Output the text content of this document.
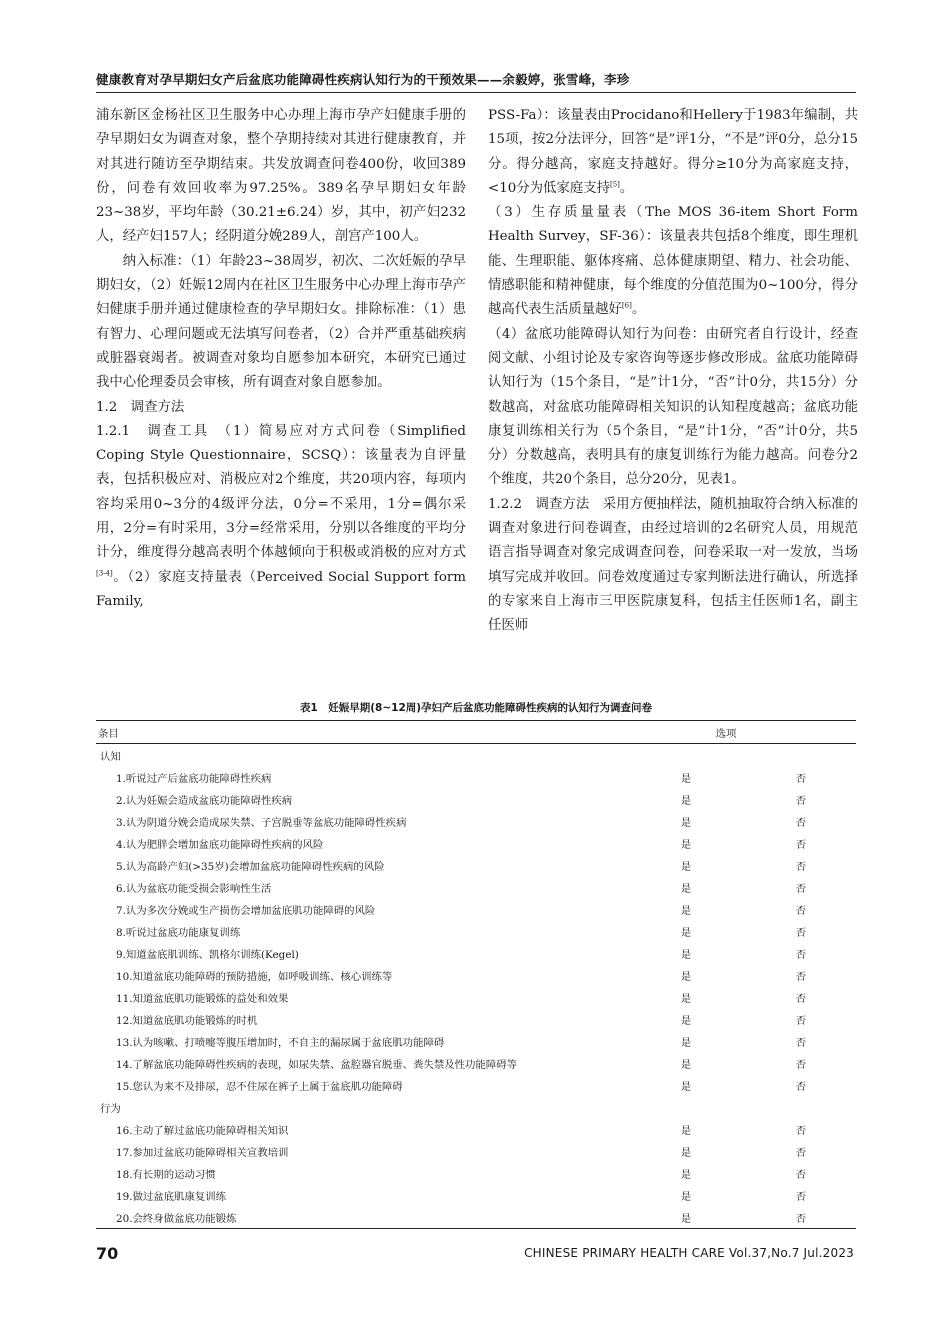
健康教育对孕早期妇女产后盆底功能障碍性疾病认知行为的干预效果——余毅婷，张雪峰，李珍

浦东新区金杨社区卫生服务中心办理上海市孕产妇健康手册的孕早期妇女为调查对象，整个孕期持续对其进行健康教育，并对其进行随访至孕期结束。共发放调查问卷400份，收回389份，问卷有效回收率为97.25%。389名孕早期妇女年龄23~38岁，平均年龄（30.21±6.24）岁，其中，初产妇232人，经产妇157人；经阴道分娩289人，剖宫产100人。

纳入标准：（1）年龄23~38周岁，初次、二次妊娠的孕早期妇女，（2）妊娠12周内在社区卫生服务中心办理上海市孕产妇健康手册并通过健康检查的孕早期妇女。排除标准：（1）患有智力、心理问题或无法填写问卷者，（2）合并严重基础疾病或脏器衰竭者。被调查对象均自愿参加本研究，本研究已通过我中心伦理委员会审核，所有调查对象自愿参加。

1.2　调查方法

1.2.1　调查工具　（1）简易应对方式问卷（Simplified Coping Style Questionnaire，SCSQ）：该量表为自评量表，包括积极应对、消极应对2个维度，共20项内容，每项内容均采用0~3分的4级评分法，0分=不采用，1分=偶尔采用，2分=有时采用，3分=经常采用，分别以各维度的平均分计分，维度得分越高表明个体越倾向于积极或消极的应对方式[3-4]。（2）家庭支持量表（Perceived Social Support form Family,

PSS-Fa）：该量表由Procidano和Hellery于1983年编制，共15项，按2分法评分，回答“是”评1分，“不是”评0分，总分15分。得分越高，家庭支持越好。得分≥10分为高家庭支持，<10分为低家庭支持[5]。

（3）生存质量量表（The MOS 36-item Short Form Health Survey，SF-36）：该量表共包括8个维度，即生理机能、生理职能、躯体疼痛、总体健康期望、精力、社会功能、情感职能和精神健康，每个维度的分值范围为0~100分，得分越高代表生活质量越好[6]。

（4）盆底功能障碍认知行为问卷：由研究者自行设计，经查阅文献、小组讨论及专家咨询等逐步修改形成。盆底功能障碍认知行为（15个条目，“是”计1分，“否”计0分，共15分）分数越高，对盆底功能障碍相关知识的认知程度越高；盆底功能康复训练相关行为（5个条目，“是”计1分，“否”计0分，共5分）分数越高，表明具有的康复训练行为能力越高。问卷分2个维度，共20个条目，总分20分，见表1。

1.2.2　调查方法　采用方便抽样法，随机抽取符合纳入标准的调查对象进行问卷调查，由经过培训的2名研究人员，用规范语言指导调查对象完成调查问卷，问卷采取一对一发放，当场填写完成并收回。问卷效度通过专家判断法进行确认，所选择的专家来自上海市三甲医院康复科，包括主任医师1名，副主任医师

表1　妊娠早期(8~12周)孕妇产后盆底功能障碍性疾病的认知行为调查问卷
条目	选项	
认知		
1.听说过产后盆底功能障碍性疾病	是	否
2.认为妊娠会造成盆底功能障碍性疾病	是	否
3.认为阴道分娩会造成尿失禁、子宫脱垂等盆底功能障碍性疾病	是	否
4.认为肥胖会增加盆底功能障碍性疾病的风险	是	否
5.认为高龄产妇(>35岁)会增加盆底功能障碍性疾病的风险	是	否
6.认为盆底功能受损会影响性生活	是	否
7.认为多次分娩或生产损伤会增加盆底肌功能障碍的风险	是	否
8.听说过盆底功能康复训练	是	否
9.知道盆底肌训练、凯格尔训练(Kegel)	是	否
10.知道盆底功能障碍的预防措施，如呼吸训练、核心训练等	是	否
11.知道盆底肌功能锻炼的益处和效果	是	否
12.知道盆底肌功能锻炼的时机	是	否
13.认为咳嗽、打喷嚏等腹压增加时，不自主的漏尿属于盆底肌功能障碍	是	否
14.了解盆底功能障碍性疾病的表现，如尿失禁、盆腔器官脱垂、粪失禁及性功能障碍等	是	否
15.您认为来不及排尿，忍不住尿在裤子上属于盆底肌功能障碍	是	否
行为		
16.主动了解过盆底功能障碍相关知识	是	否
17.参加过盆底功能障碍相关宣教培训	是	否
18.有长期的运动习惯	是	否
19.做过盆底肌康复训练	是	否
20.会终身做盆底功能锻炼	是	否
70	CHINESE PRIMARY HEALTH CARE Vol.37,No.7 Jul.2023
